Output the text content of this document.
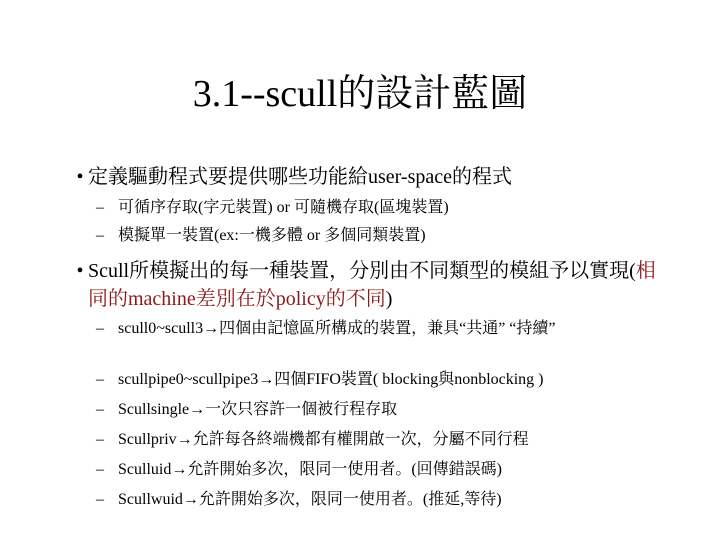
3.1--scull的設計藍圖
• 定義驅動程式要提供哪些功能給user-space的程式
– 可循序存取(字元裝置) or 可隨機存取(區塊裝置)
– 模擬單一裝置(ex:一機多體 or 多個同類裝置)
• Scull所模擬出的每一種裝置，分別由不同類型的模組予以實現(相同的machine差別在於policy的不同)
– scull0~scull3→四個由記憶區所構成的裝置，兼具“共通” “持續”
– scullpipe0~scullpipe3→四個FIFO裝置( blocking與nonblocking )
– Scullsingle→一次只容許一個被行程存取
– Scullpriv→允許每各終端機都有權開啟一次，分屬不同行程
– Sculluid→允許開始多次，限同一使用者。(回傳錯誤碼)
– Scullwuid→允許開始多次，限同一使用者。(推延,等待)
